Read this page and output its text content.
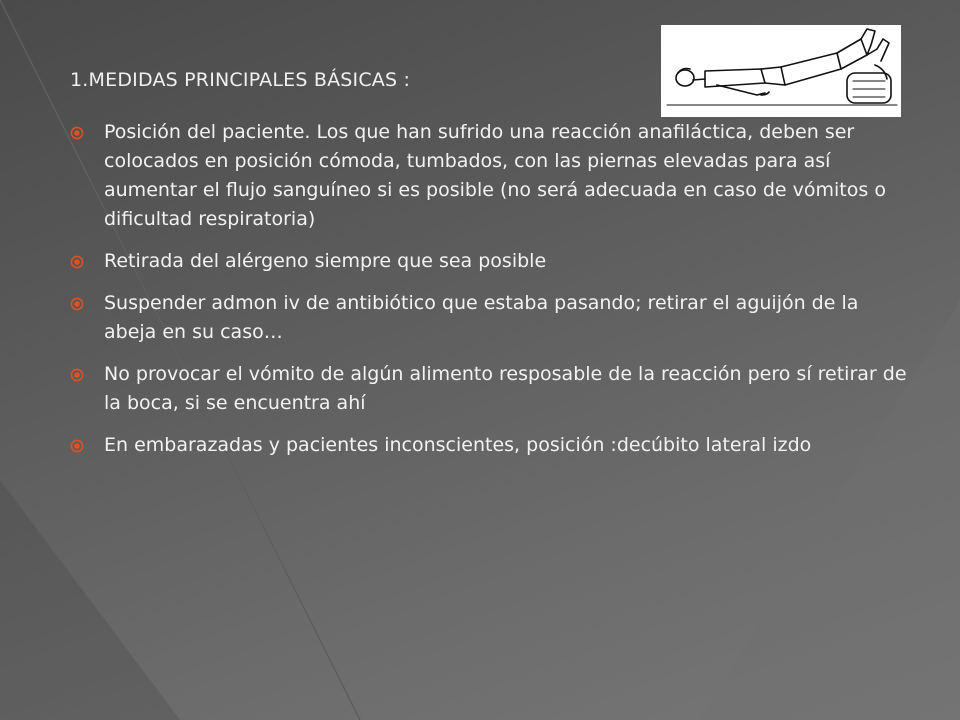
1.MEDIDAS PRINCIPALES BÁSICAS :
Posición del paciente. Los que han sufrido una reacción anafiláctica, deben ser colocados en posición cómoda, tumbados, con las piernas elevadas para así aumentar el flujo sanguíneo si es posible (no será adecuada en caso de vómitos o dificultad respiratoria)
Retirada del alérgeno siempre que sea posible
Suspender admon iv de antibiótico que estaba pasando; retirar el aguijón de la abeja en su caso…
No provocar el vómito de algún alimento resposable de la reacción pero sí retirar de la boca, si se encuentra ahí
En embarazadas y pacientes inconscientes, posición :decúbito lateral izdo
